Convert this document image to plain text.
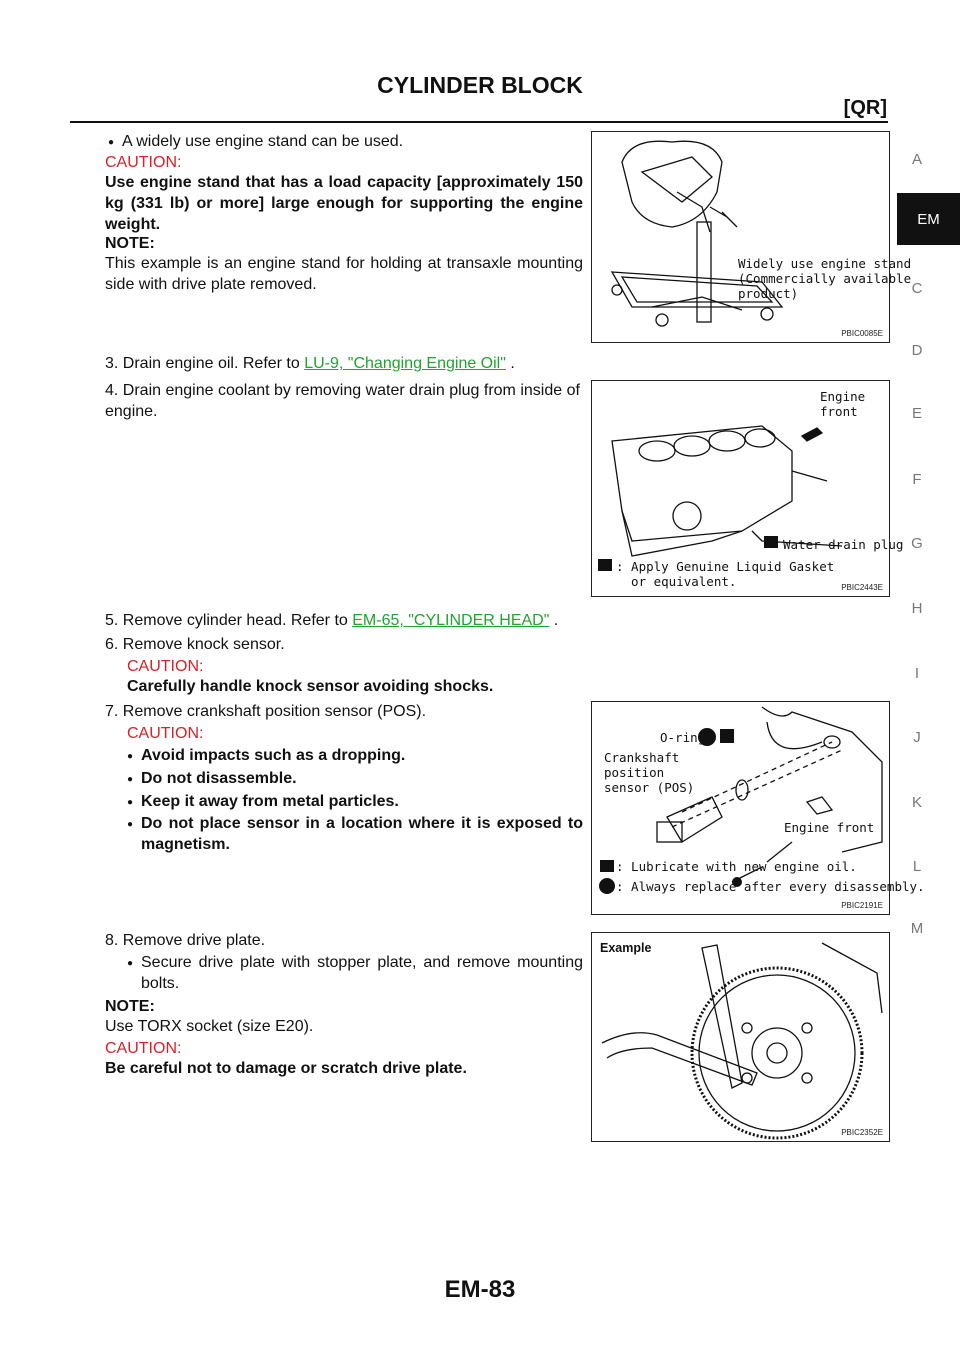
CYLINDER BLOCK
[QR]
A
EM
C
D
E
F
G
H
I
J
K
L
M
● A widely use engine stand can be used.
CAUTION:
Use engine stand that has a load capacity [approximately 150 kg (331 lb) or more] large enough for supporting the engine weight.
NOTE:
This example is an engine stand for holding at transaxle mounting side with drive plate removed.
Widely use engine stand
(Commercially available
product)
PBIC0085E
3. Drain engine oil. Refer to LU-9, "Changing Engine Oil" .
4. Drain engine coolant by removing water drain plug from inside of engine.
Engine
front
Water drain plug
: Apply Genuine Liquid Gasket
or equivalent.	PBIC2443E
5. Remove cylinder head. Refer to EM-65, "CYLINDER HEAD" .
6. Remove knock sensor.
CAUTION:
Carefully handle knock sensor avoiding shocks.
7. Remove crankshaft position sensor (POS).
CAUTION:
● Avoid impacts such as a dropping.
● Do not disassemble.
● Keep it away from metal particles.
● Do not place sensor in a location where it is exposed to magnetism.
O-ring
Crankshaft
position
sensor (POS)
Engine front
: Lubricate with new engine oil.
: Always replace after every disassembly.
PBIC2191E
8. Remove drive plate.
● Secure drive plate with stopper plate, and remove mounting bolts.
NOTE:
Use TORX socket (size E20).
CAUTION:
Be careful not to damage or scratch drive plate.
Example
PBIC2352E
EM-83
